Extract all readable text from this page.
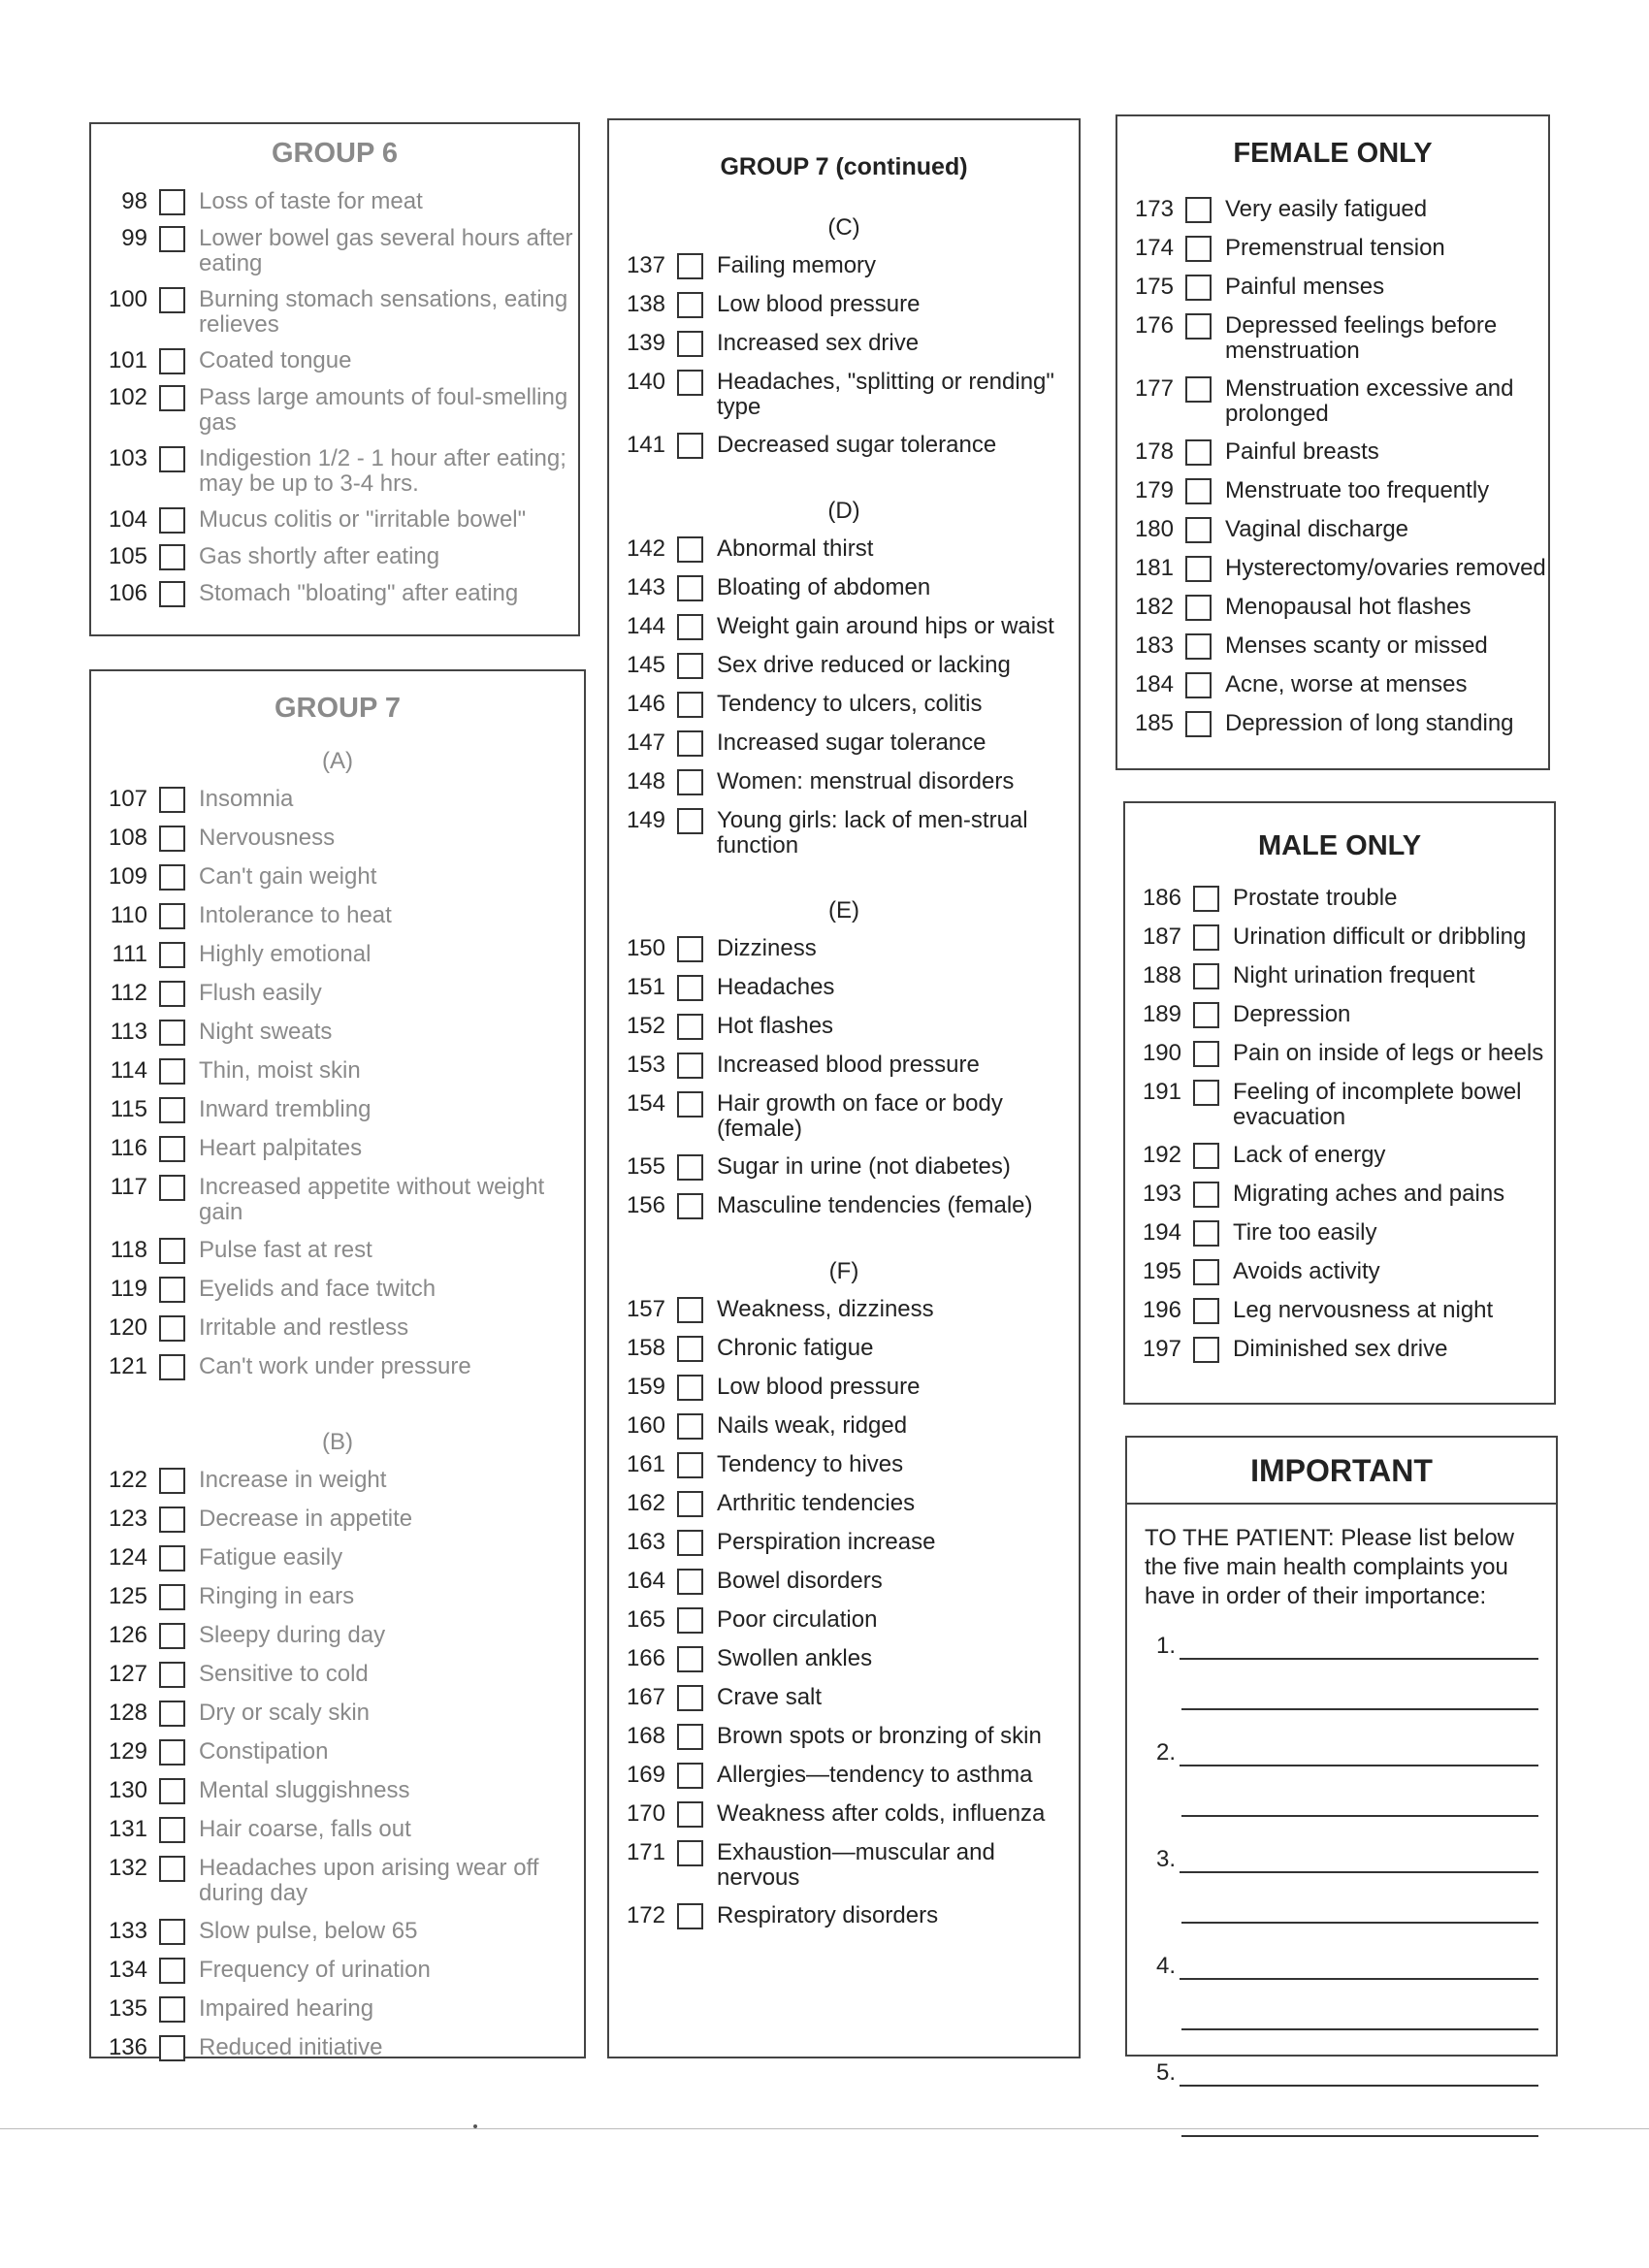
GROUP 6
98 Loss of taste for meat
99 Lower bowel gas several hours after eating
100 Burning stomach sensations, eating relieves
101 Coated tongue
102 Pass large amounts of foul-smelling gas
103 Indigestion 1/2 - 1 hour after eating; may be up to 3-4 hrs.
104 Mucus colitis or "irritable bowel"
105 Gas shortly after eating
106 Stomach "bloating" after eating
GROUP 7

(A)

107 Insomnia
108 Nervousness
109 Can't gain weight
110 Intolerance to heat
111 Highly emotional
112 Flush easily
113 Night sweats
114 Thin, moist skin
115 Inward trembling
116 Heart palpitates
117 Increased appetite without weight gain
118 Pulse fast at rest
119 Eyelids and face twitch
120 Irritable and restless
121 Can't work under pressure

(B)

122 Increase in weight
123 Decrease in appetite
124 Fatigue easily
125 Ringing in ears
126 Sleepy during day
127 Sensitive to cold
128 Dry or scaly skin
129 Constipation
130 Mental sluggishness
131 Hair coarse, falls out
132 Headaches upon arising wear off during day
133 Slow pulse, below 65
134 Frequency of urination
135 Impaired hearing
136 Reduced initiative
GROUP 7 (continued)

(C)

137 Failing memory
138 Low blood pressure
139 Increased sex drive
140 Headaches, "splitting or rending" type
141 Decreased sugar tolerance

(D)

142 Abnormal thirst
143 Bloating of abdomen
144 Weight gain around hips or waist
145 Sex drive reduced or lacking
146 Tendency to ulcers, colitis
147 Increased sugar tolerance
148 Women: menstrual disorders
149 Young girls: lack of men-strual function

(E)

150 Dizziness
151 Headaches
152 Hot flashes
153 Increased blood pressure
154 Hair growth on face or body (female)
155 Sugar in urine (not diabetes)
156 Masculine tendencies (female)

(F)

157 Weakness, dizziness
158 Chronic fatigue
159 Low blood pressure
160 Nails weak, ridged
161 Tendency to hives
162 Arthritic tendencies
163 Perspiration increase
164 Bowel disorders
165 Poor circulation
166 Swollen ankles
167 Crave salt
168 Brown spots or bronzing of skin
169 Allergies—tendency to asthma
170 Weakness after colds, influenza
171 Exhaustion—muscular and nervous
172 Respiratory disorders
FEMALE ONLY
173 Very easily fatigued
174 Premenstrual tension
175 Painful menses
176 Depressed feelings before menstruation
177 Menstruation excessive and prolonged
178 Painful breasts
179 Menstruate too frequently
180 Vaginal discharge
181 Hysterectomy/ovaries removed
182 Menopausal hot flashes
183 Menses scanty or missed
184 Acne, worse at menses
185 Depression of long standing
MALE ONLY
186 Prostate trouble
187 Urination difficult or dribbling
188 Night urination frequent
189 Depression
190 Pain on inside of legs or heels
191 Feeling of incomplete bowel evacuation
192 Lack of energy
193 Migrating aches and pains
194 Tire too easily
195 Avoids activity
196 Leg nervousness at night
197 Diminished sex drive
IMPORTANT

TO THE PATIENT: Please list below the five main health complaints you have in order of their importance:

1.
2.
3.
4.
5.
